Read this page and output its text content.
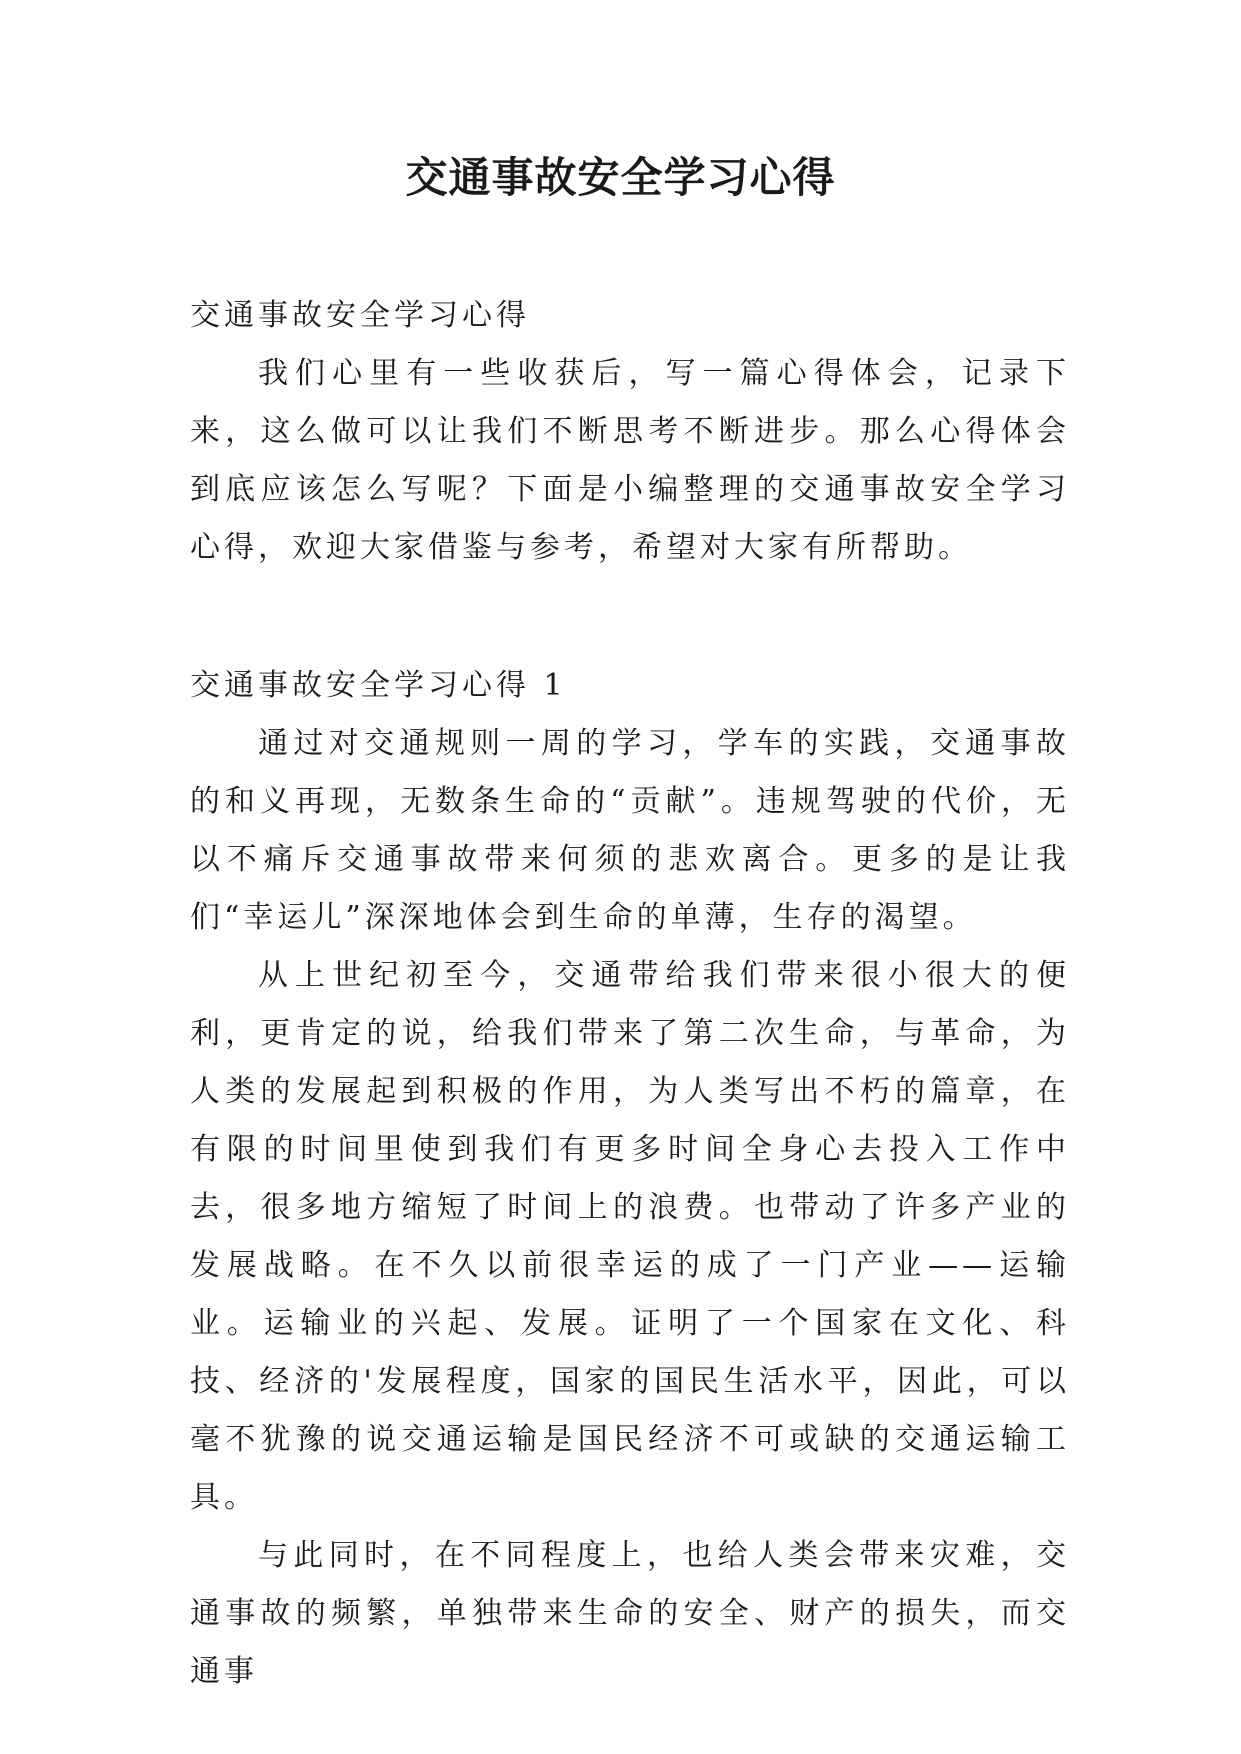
交通事故安全学习心得

交通事故安全学习心得

我们心里有一些收获后，写一篇心得体会，记录下来，这么做可以让我们不断思考不断进步。那么心得体会到底应该怎么写呢？下面是小编整理的交通事故安全学习心得，欢迎大家借鉴与参考，希望对大家有所帮助。

交通事故安全学习心得 1

通过对交通规则一周的学习，学车的实践，交通事故的和义再现，无数条生命的“贡献”。违规驾驶的代价，无以不痛斥交通事故带来何须的悲欢离合。更多的是让我们“幸运儿”深深地体会到生命的单薄，生存的渴望。

从上世纪初至今，交通带给我们带来很小很大的便利，更肯定的说，给我们带来了第二次生命，与革命，为人类的发展起到积极的作用，为人类写出不朽的篇章，在有限的时间里使到我们有更多时间全身心去投入工作中去，很多地方缩短了时间上的浪费。也带动了许多产业的发展战略。在不久以前很幸运的成了一门产业——运输业。运输业的兴起、发展。证明了一个国家在文化、科技、经济的'发展程度，国家的国民生活水平，因此，可以毫不犹豫的说交通运输是国民经济不可或缺的交通运输工具。

与此同时，在不同程度上，也给人类会带来灾难，交通事故的频繁，单独带来生命的安全、财产的损失，而交通事
